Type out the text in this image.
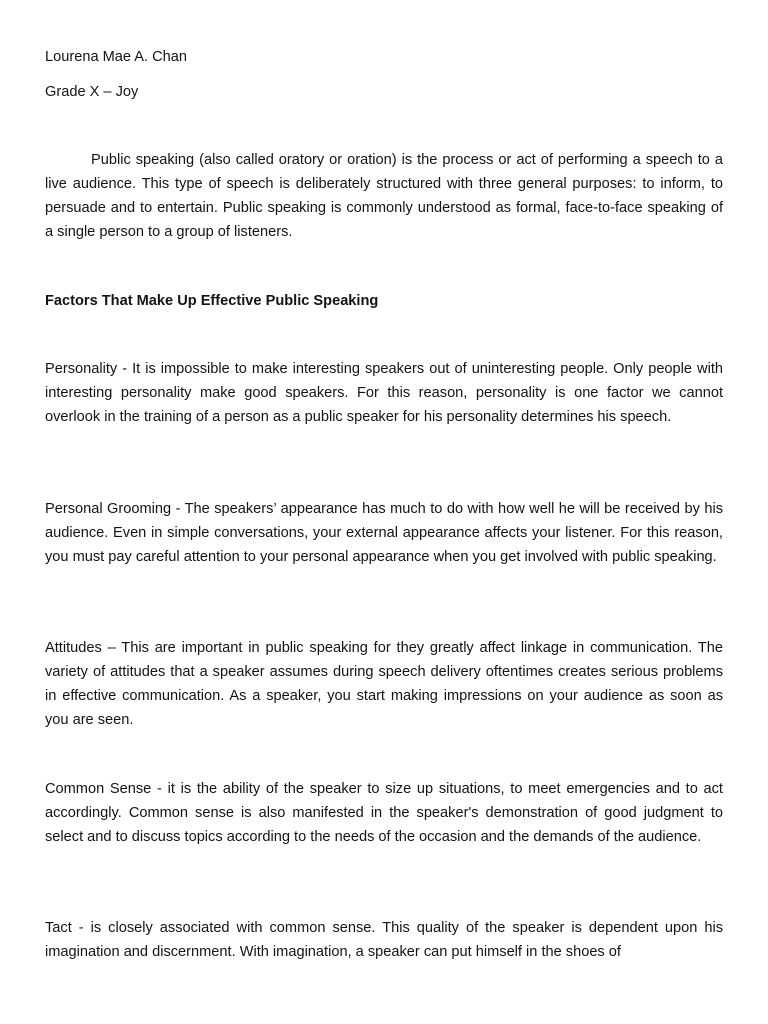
Lourena Mae A. Chan
Grade X – Joy
Public speaking (also called oratory or oration) is the process or act of performing a speech to a live audience. This type of speech is deliberately structured with three general purposes: to inform, to persuade and to entertain. Public speaking is commonly understood as formal, face-to-face speaking of a single person to a group of listeners.
Factors That Make Up Effective Public Speaking
Personality - It is impossible to make interesting speakers out of uninteresting people. Only people with interesting personality make good speakers. For this reason, personality is one factor we cannot overlook in the training of a person as a public speaker for his personality determines his speech.
Personal Grooming - The speakers’ appearance has much to do with how well he will be received by his audience. Even in simple conversations, your external appearance affects your listener. For this reason, you must pay careful attention to your personal appearance when you get involved with public speaking.
Attitudes – This are important in public speaking for they greatly affect linkage in communication. The variety of attitudes that a speaker assumes during speech delivery oftentimes creates serious problems in effective communication. As a speaker, you start making impressions on your audience as soon as you are seen.
Common Sense - it is the ability of the speaker to size up situations, to meet emergencies and to act accordingly. Common sense is also manifested in the speaker's demonstration of good judgment to select and to discuss topics according to the needs of the occasion and the demands of the audience.
Tact - is closely associated with common sense. This quality of the speaker is dependent upon his imagination and discernment. With imagination, a speaker can put himself in the shoes of
